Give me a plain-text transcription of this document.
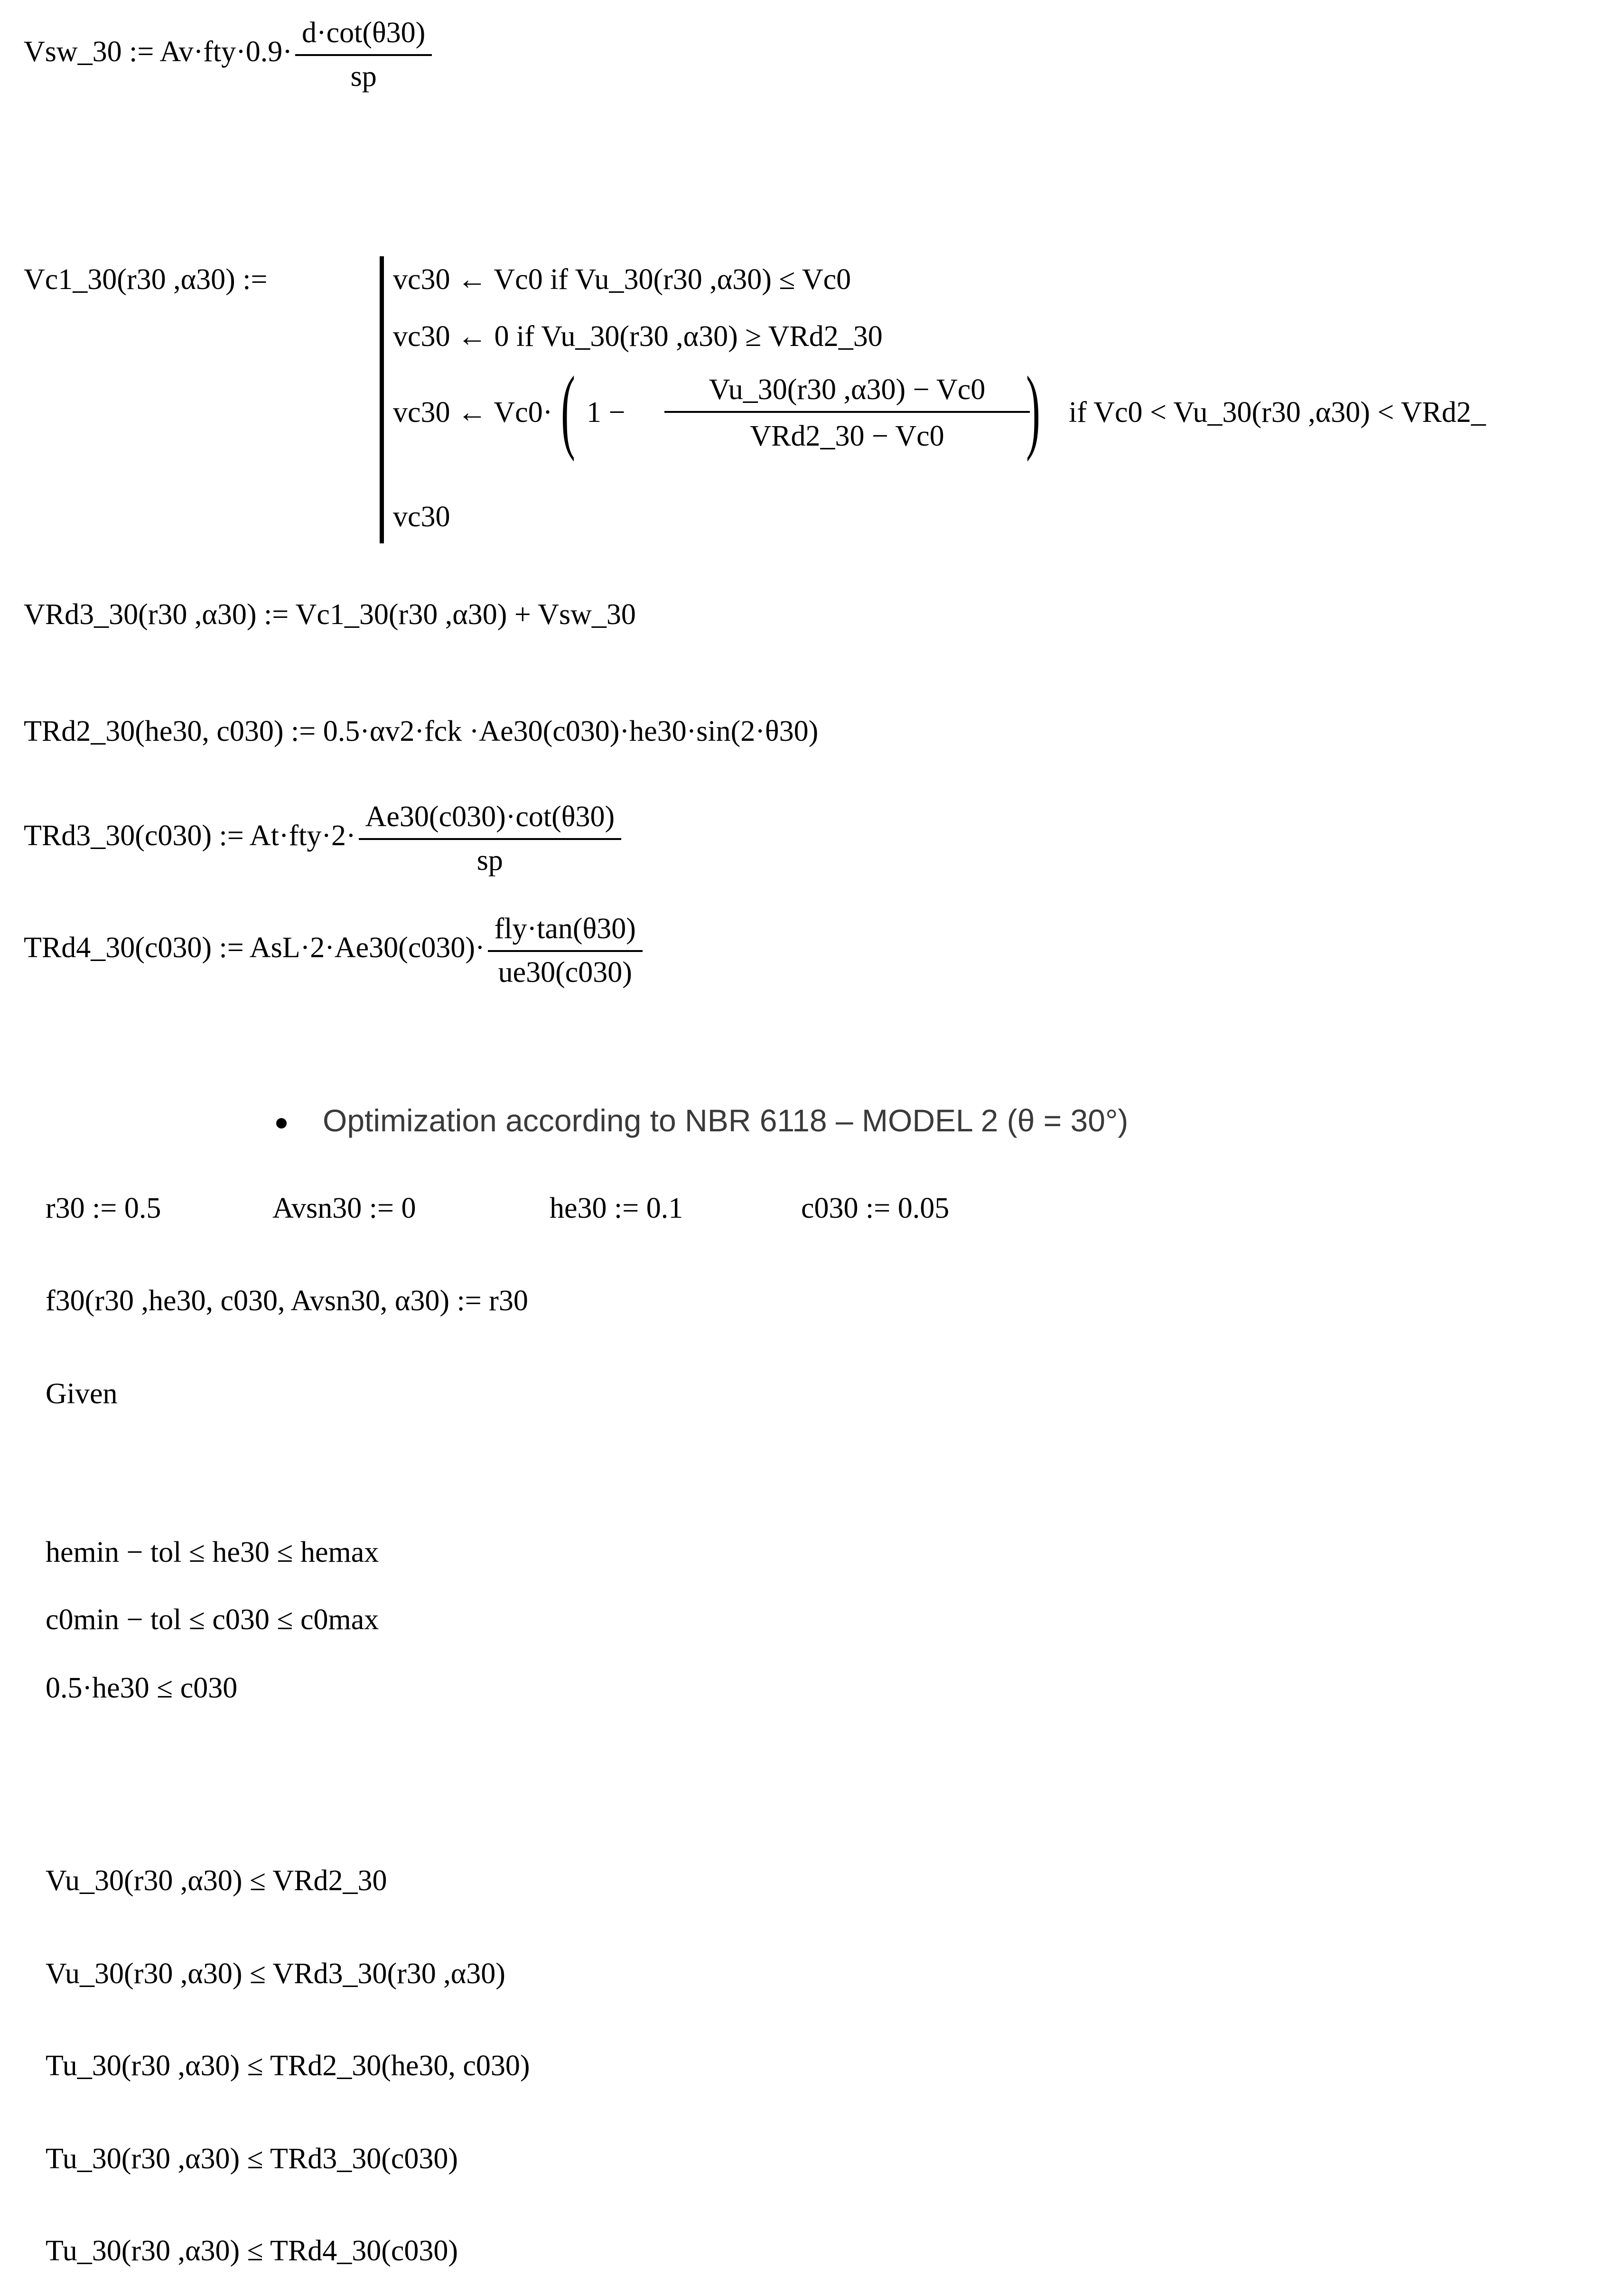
Vsw_30 := $Av\cdot fty\cdot 0.9\cdot \frac{d\cdot\cot(\theta 30)}{sp}$
Vc1_30(r30 ,α30) :=	vc30 ← Vc0 if Vu_30(r30 ,α30) ≤ Vc0
vc30 ← 0 if Vu_30(r30 ,α30) ≥ VRd2_30
vc30 ← Vc0· ( 1 −
Vu_30(r30 ,α30) − Vc0
VRd2_30 − Vc0 ) if Vc0 < Vu_30(r30 ,α30) < VRd2_
vc30
VRd3_30(r30 ,α30) := Vc1_30(r30 ,α30) + Vsw_30
TRd2_30(he30, c030) := 0.5·αv2·fck ·Ae30(c030)·he30·sin(2·θ30)
TRd3_30(c030) := $At\cdot fty\cdot 2\cdot \frac{Ae30(c030)\cdot\cot(\theta 30)}{sp}$
TRd4_30(c030) := $AsL\cdot 2\cdot Ae30(c030)\cdot \frac{\text{fly·tan(θ30)}}{ue30(c030)}$
Optimization according to NBR 6118 – MODEL 2 (θ = 30°)
r30 := 0.5	Avsn30 := 0	he30 := 0.1	c030 := 0.05
f30(r30 ,he30, c030, Avsn30, α30) := r30
Given
hemin − tol ≤ he30 ≤ hemax
c0min − tol ≤ c030 ≤ c0max
0.5·he30 ≤ c030
Vu_30(r30 ,α30) ≤ VRd2_30
Vu_30(r30 ,α30) ≤ VRd3_30(r30 ,α30)
Tu_30(r30 ,α30) ≤ TRd2_30(he30, c030)
Tu_30(r30 ,α30) ≤ TRd3_30(c030)
Tu_30(r30 ,α30) ≤ TRd4_30(c030)
